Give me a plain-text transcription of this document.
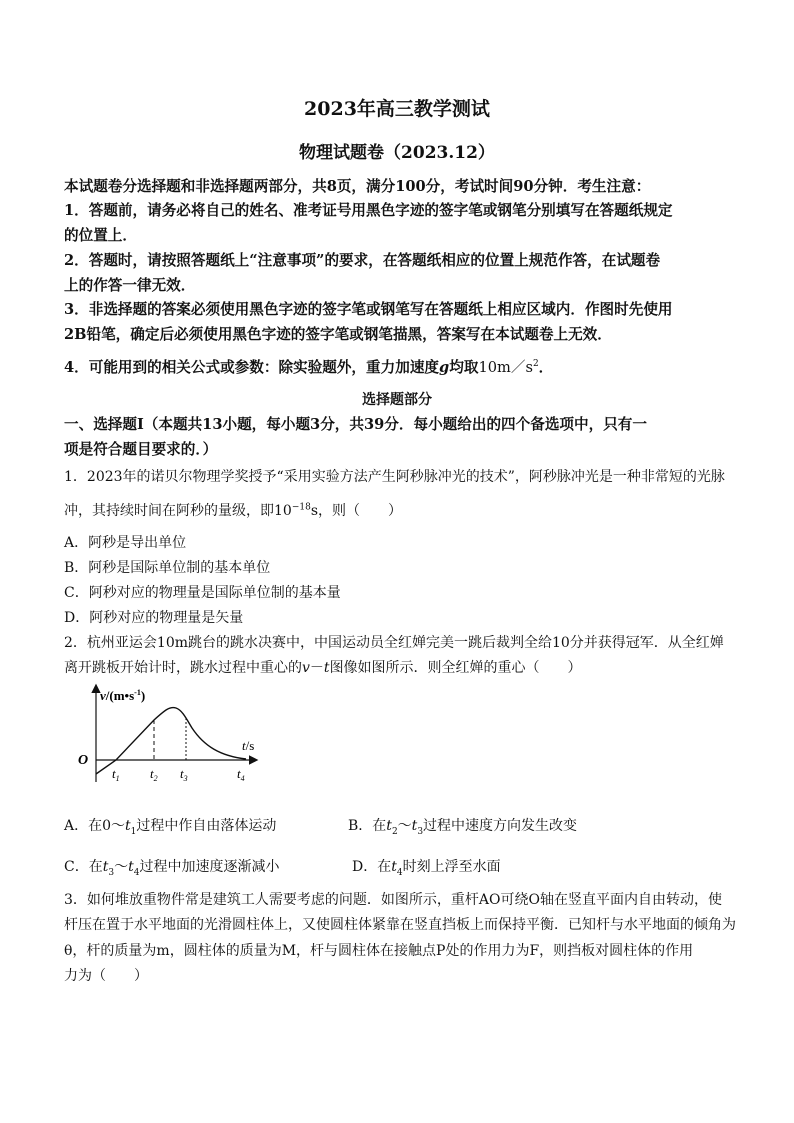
2023年高三教学测试
物理试题卷（2023.12）
本试题卷分选择题和非选择题两部分，共8页，满分100分，考试时间90分钟．考生注意：
1．答题前，请务必将自己的姓名、准考证号用黑色字迹的签字笔或钢笔分别填写在答题纸规定
的位置上．
2．答题时，请按照答题纸上“注意事项”的要求，在答题纸相应的位置上规范作答，在试题卷
上的作答一律无效．
3．非选择题的答案必须使用黑色字迹的签字笔或钢笔写在答题纸上相应区域内．作图时先使用
2B铅笔，确定后必须使用黑色字迹的签字笔或钢笔描黑，答案写在本试题卷上无效．
4．可能用到的相关公式或参数：除实验题外，重力加速度g均取$10m/s^2$．
选择题部分
一、选择题Ⅰ（本题共13小题，每小题3分，共39分．每小题给出的四个备选项中，只有一
项是符合题目要求的．）
1．2023年的诺贝尔物理学奖授予“采用实验方法产生阿秒脉冲光的技术”，阿秒脉冲光是一种非常短的光脉
冲，其持续时间在阿秒的量级，即$10^{-18}s$，则（　　）
A．阿秒是导出单位
B．阿秒是国际单位制的基本单位
C．阿秒对应的物理量是国际单位制的基本量
D．阿秒对应的物理量是矢量
2．杭州亚运会10m跳台的跳水决赛中，中国运动员全红婵完美一跳后裁判全给10分并获得冠军．从全红婵
离开跳板开始计时，跳水过程中重心的v－t图像如图所示．则全红婵的重心（　　）
O
$v/(m•s^{-1})$
t/s
$t_1$ $t_2$ $t_3$	$t_4$
A．在$0\sim t_1$过程中作自由落体运动	B．在$t_2\sim t_3$过程中速度方向发生改变
C．在$t_3\sim t_4$过程中加速度逐渐减小	D．在$t_4$时刻上浮至水面
3．如何堆放重物件常是建筑工人需要考虑的问题．如图所示，重杆AO可绕O轴在竖直平面内自由转动，使
杆压在置于水平地面的光滑圆柱体上，又使圆柱体紧靠在竖直挡板上而保持平衡．已知杆与水平地面的倾角为
θ，杆的质量为m，圆柱体的质量为M，杆与圆柱体在接触点P处的作用力为F，则挡板对圆柱体的作用
力为（　　）
